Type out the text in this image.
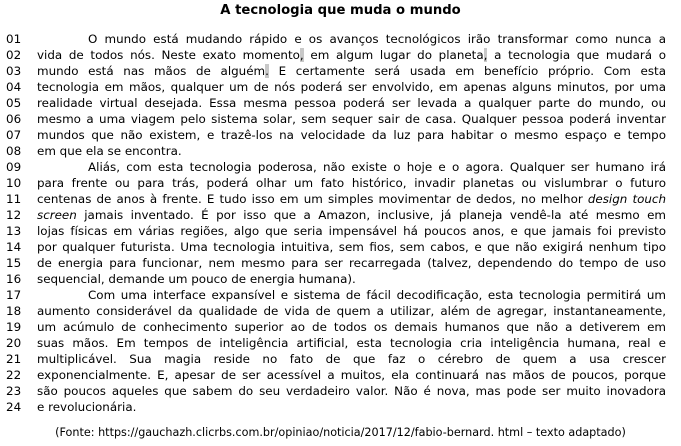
A tecnologia que muda o mundo
01	O mundo está mudando rápido e os avanços tecnológicos irão transformar como nunca a
02 vida de todos nós. Neste exato momento, em algum lugar do planeta, a tecnologia que mudará o
03 mundo está nas mãos de alguém. E certamente será usada em benefício próprio. Com esta
04 tecnologia em mãos, qualquer um de nós poderá ser envolvido, em apenas alguns minutos, por uma
05 realidade virtual desejada. Essa mesma pessoa poderá ser levada a qualquer parte do mundo, ou
06 mesmo a uma viagem pelo sistema solar, sem sequer sair de casa. Qualquer pessoa poderá inventar
07 mundos que não existem, e trazê-los na velocidade da luz para habitar o mesmo espaço e tempo
08 em que ela se encontra.
09	Aliás, com esta tecnologia poderosa, não existe o hoje e o agora. Qualquer ser humano irá
10 para frente ou para trás, poderá olhar um fato histórico, invadir planetas ou vislumbrar o futuro
11 centenas de anos à frente. E tudo isso em um simples movimentar de dedos, no melhor design touch
12 screen jamais inventado. É por isso que a Amazon, inclusive, já planeja vendê-la até mesmo em
13 lojas físicas em várias regiões, algo que seria impensável há poucos anos, e que jamais foi previsto
14 por qualquer futurista. Uma tecnologia intuitiva, sem fios, sem cabos, e que não exigirá nenhum tipo
15 de energia para funcionar, nem mesmo para ser recarregada (talvez, dependendo do tempo de uso
16 sequencial, demande um pouco de energia humana).
17	Com uma interface expansível e sistema de fácil decodificação, esta tecnologia permitirá um
18 aumento considerável da qualidade de vida de quem a utilizar, além de agregar, instantaneamente,
19 um acúmulo de conhecimento superior ao de todos os demais humanos que não a detiverem em
20 suas mãos. Em tempos de inteligência artificial, esta tecnologia cria inteligência humana, real e
21 multiplicável. Sua magia reside no fato de que faz o cérebro de quem a usa crescer
22 exponencialmente. E, apesar de ser acessível a muitos, ela continuará nas mãos de poucos, porque
23 são poucos aqueles que sabem do seu verdadeiro valor. Não é nova, mas pode ser muito inovadora
24 e revolucionária.
(Fonte: https://gauchazh.clicrbs.com.br/opiniao/noticia/2017/12/fabio-bernard. html – texto adaptado)
